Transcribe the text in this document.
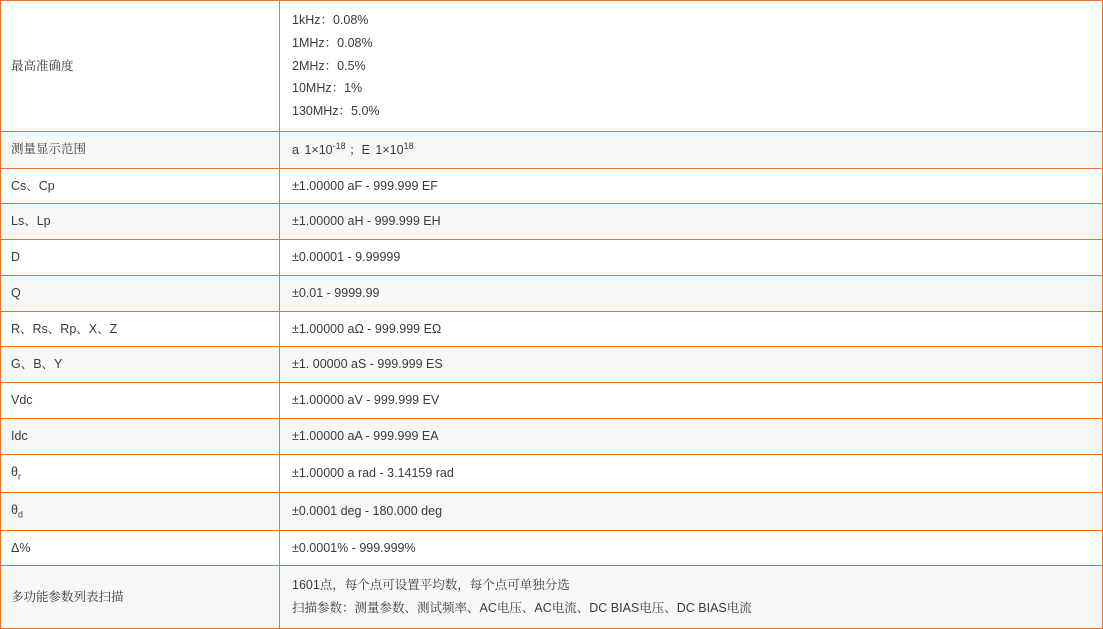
最高准确度	1kHz：0.08%
1MHz：0.08%
2MHz：0.5%
10MHz：1%
130MHz：5.0%

测量显示范围	a $1\times 10^{-18}$ ；E $1\times 10^{18}$
Cs、Cp	±1.00000 aF - 999.999 EF
Ls、Lp	±1.00000 aH - 999.999 EH
D	±0.00001 - 9.99999
Q	±0.01 - 9999.99
R、Rs、Rp、X、Z	±1.00000 aΩ - 999.999 EΩ
G、B、Y	±1. 00000 aS - 999.999 ES
Vdc	±1.00000 aV - 999.999 EV
Idc	±1.00000 aA - 999.999 EA
$\theta_r$	±1.00000 a rad - 3.14159 rad
$\theta_d$	±0.0001 deg - 180.000 deg
Δ%	±0.0001% - 999.999%
多功能参数列表扫描	1601点，每个点可设置平均数，每个点可单独分选
扫描参数：测量参数、测试频率、AC电压、AC电流、DC BIAS电压、DC BIAS电流
